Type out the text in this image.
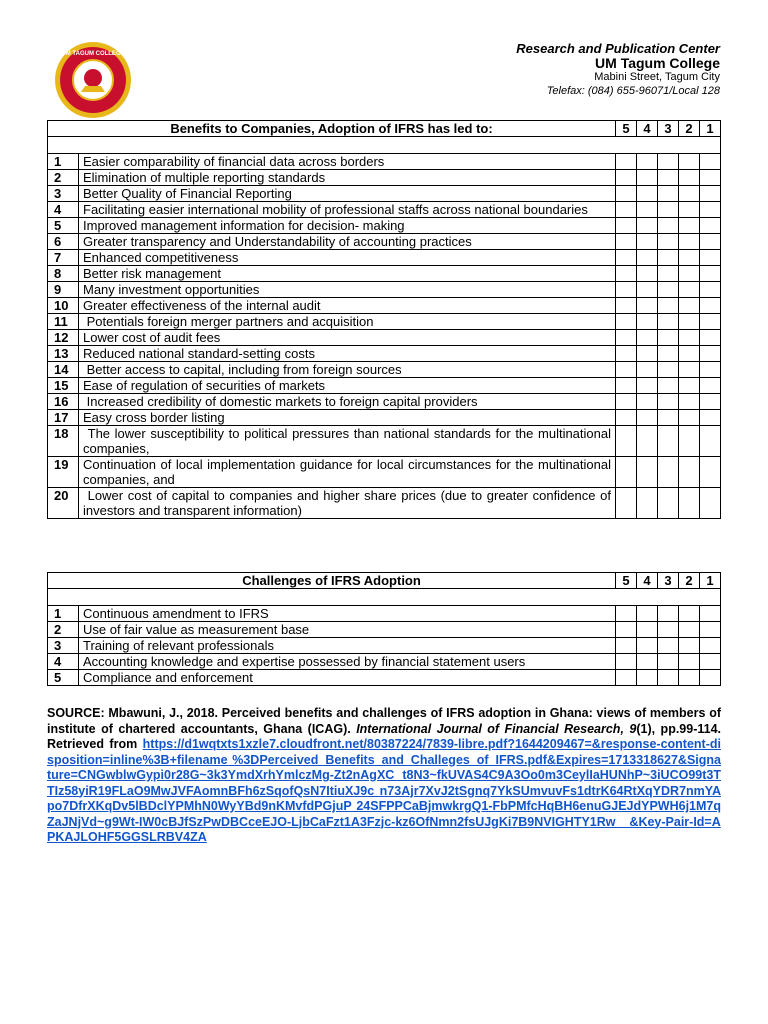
UM TAGUM COLLEGE	Research and Publication Center
UM Tagum College
Mabini Street, Tagum City
Telefax: (084) 655-96071/Local 128
Benefits to Companies, Adoption of IFRS has led to:		5	4	3	2	1

1	Easier comparability of financial data across borders					
2	Elimination of multiple reporting standards					
3	Better Quality of Financial Reporting					
4	Facilitating easier international mobility of professional staffs across national boundaries					
5	Improved management information for decision- making					
6	Greater transparency and Understandability of accounting practices					
7	Enhanced competitiveness					
8	Better risk management					
9	Many investment opportunities					
10	Greater effectiveness of the internal audit					
11	Potentials foreign merger partners and acquisition					
12	Lower cost of audit fees					
13	Reduced national standard-setting costs					
14	Better access to capital, including from foreign sources					
15	Ease of regulation of securities of markets					
16	Increased credibility of domestic markets to foreign capital providers					
17	Easy cross border listing					
18	The lower susceptibility to political pressures than national standards for the multinational companies,					
19	Continuation of local implementation guidance for local circumstances for the multinational companies, and					
20	Lower cost of capital to companies and higher share prices (due to greater confidence of investors and transparent information)					
Challenges of IFRS Adoption		5	4	3	2	1

1	Continuous amendment to IFRS					
2	Use of fair value as measurement base					
3	Training of relevant professionals					
4	Accounting knowledge and expertise possessed by financial statement users					
5	Compliance and enforcement					
SOURCE: Mbawuni, J., 2018. Perceived benefits and challenges of IFRS adoption in Ghana: views of members of institute of chartered accountants, Ghana (ICAG). International Journal of Financial Research, 9(1), pp.99-114. Retrieved from https://d1wqtxts1xzle7.cloudfront.net/80387224/7839-libre.pdf?1644209467=&response-content-disposition=inline%3B+filename %3DPerceived_Benefits_and_Challeges_of_IFRS.pdf&Expires=1713318627&Signature=CNGwblwGypi0r28G~3k3YmdXrhYmlczMg-Zt2nAgXC t8N3~fkUVAS4C9A3Oo0m3CeylIaHUNhP~3iUCO99t3TTIz58yiR19FLaO9MwJVFAomnBFh6zSqofQsN7ItiuXJ9c n73Ajr7XvJ2tSgnq7YkSUmvuvFs1dtrK64RtXqYDR7nmYApo7DfrXKqDv5lBDclYPMhN0WyYBd9nKMvfdPGjuP 24SFPPCaBjmwkrgQ1-FbPMfcHqBH6enuGJEJdYPWH6j1M7qZaJNjVd~g9Wt-IW0cBJfSzPwDBCceEJO-LjbCaFzt1A3Fzjc-kz6OfNmn2fsUJgKi7B9NVIGHTY1Rw__&Key-Pair-Id=APKAJLOHF5GGSLRBV4ZA
